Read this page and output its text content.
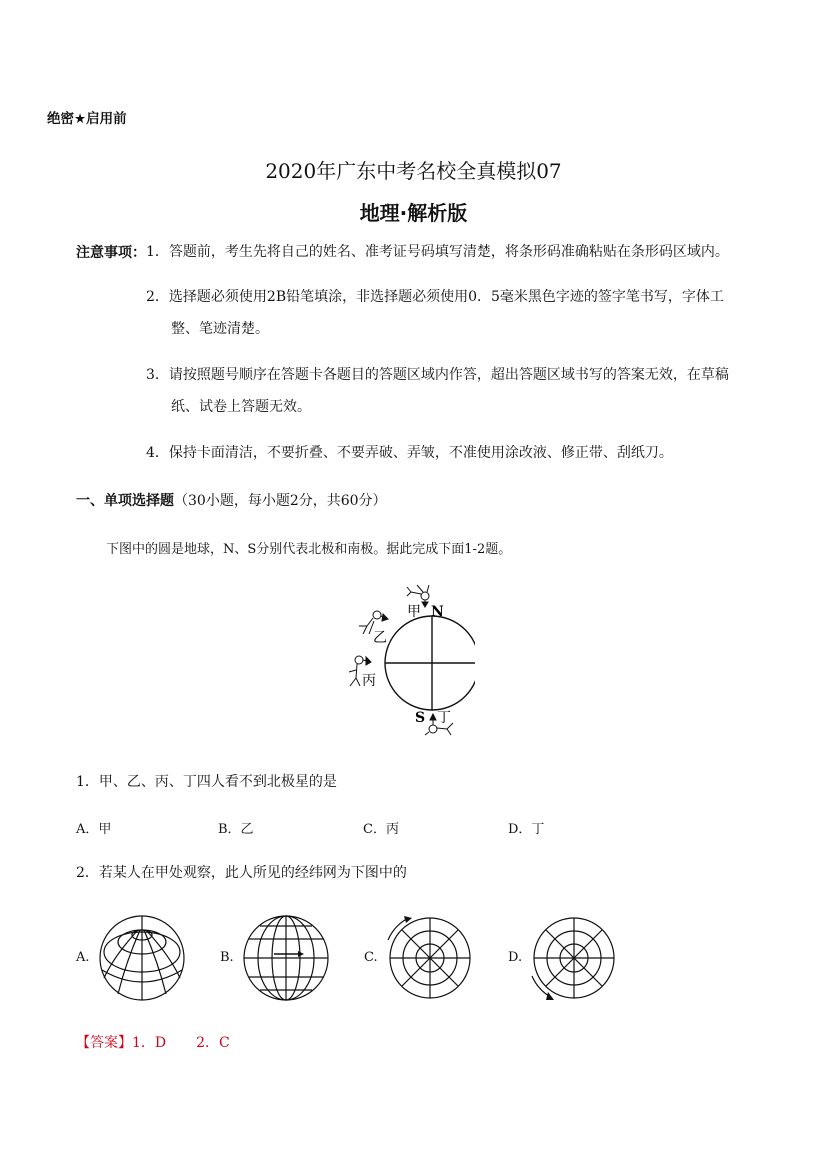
绝密★启用前
2020年广东中考名校全真模拟07
地理·解析版
注意事项： 1．答题前，考生先将自己的姓名、准考证号码填写清楚，将条形码准确粘贴在条形码区域内。
2．选择题必须使用2B铅笔填涂，非选择题必须使用0．5毫米黑色字迹的签字笔书写，字体工
整、笔迹清楚。
3．请按照题号顺序在答题卡各题目的答题区域内作答，超出答题区域书写的答案无效，在草稿
纸、试卷上答题无效。
4．保持卡面清洁，不要折叠、不要弄破、弄皱，不准使用涂改液、修正带、刮纸刀。
一、单项选择题（30小题，每小题2分，共60分）
下图中的圆是地球，N、S分别代表北极和南极。据此完成下面1-2题。
甲 N
乙
丙
S 丁
1．甲、乙、丙、丁四人看不到北极星的是
A．甲	B．乙	C．丙	D．丁
2．若某人在甲处观察，此人所见的经纬网为下图中的
A.	B.	C.	D.
【答案】1．D 2．C
